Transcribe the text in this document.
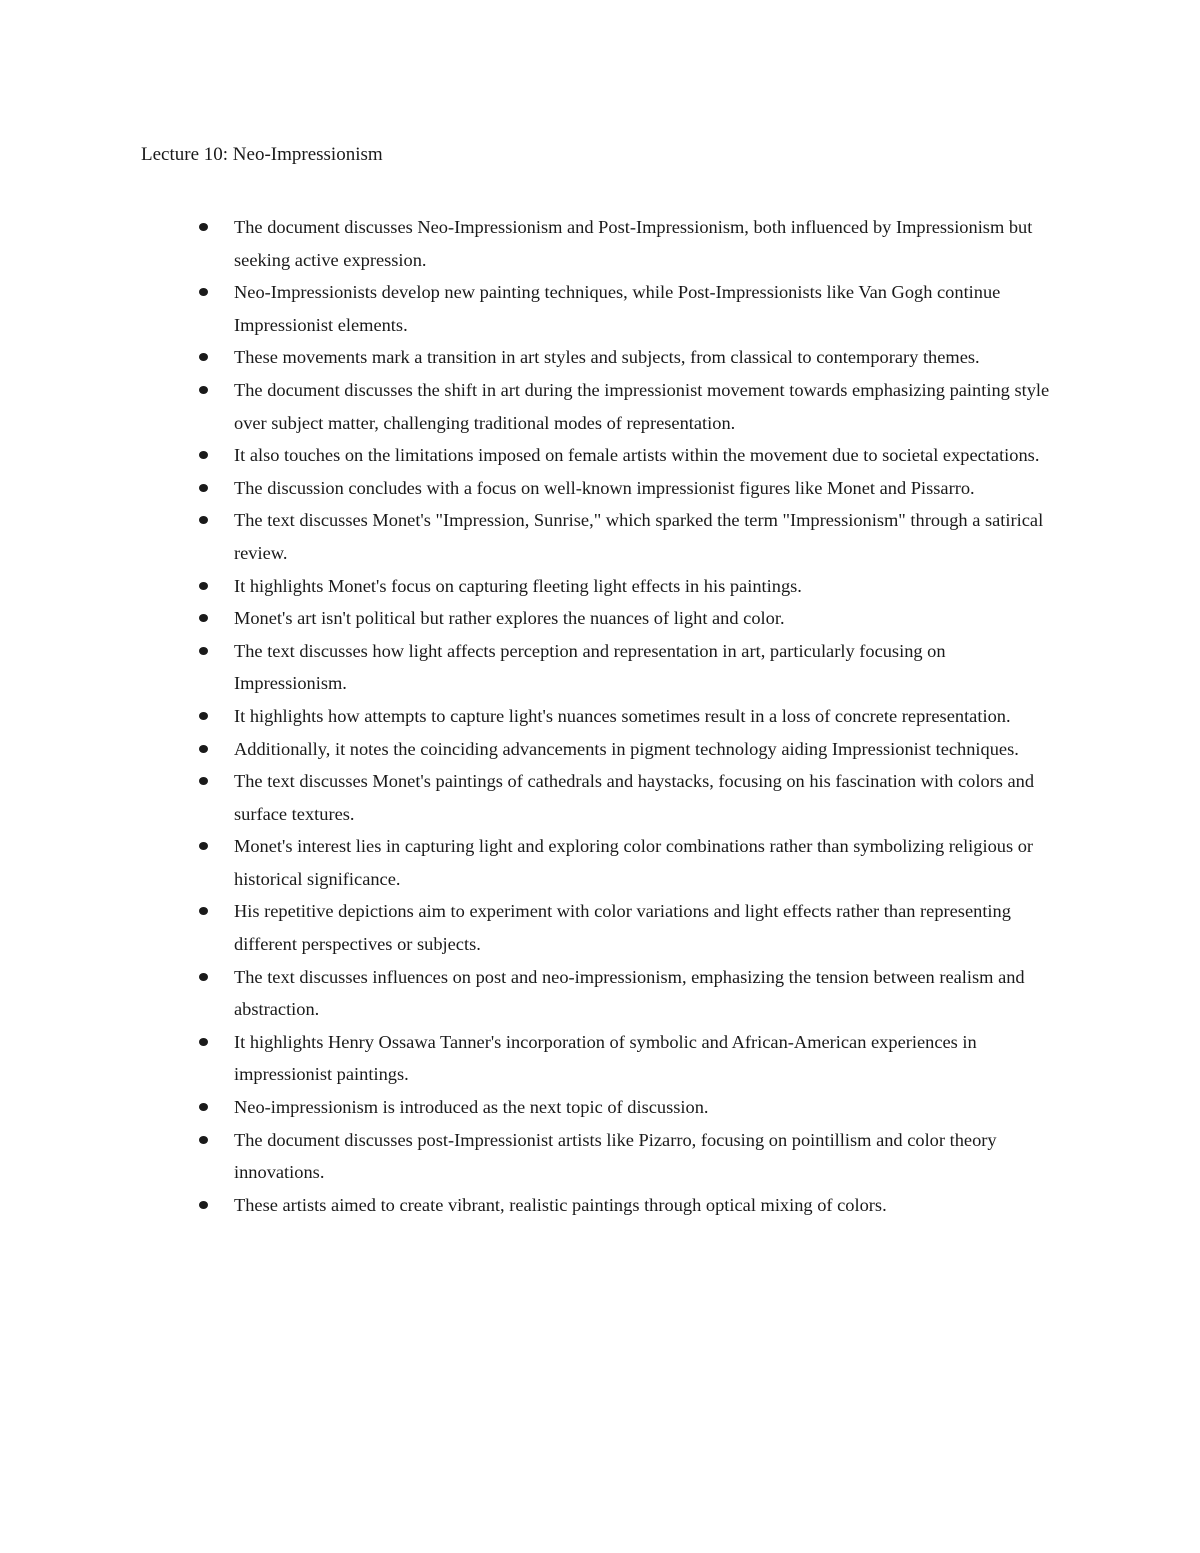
Lecture 10: Neo-Impressionism
The document discusses Neo-Impressionism and Post-Impressionism, both influenced by Impressionism but seeking active expression.
Neo-Impressionists develop new painting techniques, while Post-Impressionists like Van Gogh continue Impressionist elements.
These movements mark a transition in art styles and subjects, from classical to contemporary themes.
The document discusses the shift in art during the impressionist movement towards emphasizing painting style over subject matter, challenging traditional modes of representation.
It also touches on the limitations imposed on female artists within the movement due to societal expectations.
The discussion concludes with a focus on well-known impressionist figures like Monet and Pissarro.
The text discusses Monet's "Impression, Sunrise," which sparked the term "Impressionism" through a satirical review.
It highlights Monet's focus on capturing fleeting light effects in his paintings.
Monet's art isn't political but rather explores the nuances of light and color.
The text discusses how light affects perception and representation in art, particularly focusing on Impressionism.
It highlights how attempts to capture light's nuances sometimes result in a loss of concrete representation.
Additionally, it notes the coinciding advancements in pigment technology aiding Impressionist techniques.
The text discusses Monet's paintings of cathedrals and haystacks, focusing on his fascination with colors and surface textures.
Monet's interest lies in capturing light and exploring color combinations rather than symbolizing religious or historical significance.
His repetitive depictions aim to experiment with color variations and light effects rather than representing different perspectives or subjects.
The text discusses influences on post and neo-impressionism, emphasizing the tension between realism and abstraction.
It highlights Henry Ossawa Tanner's incorporation of symbolic and African-American experiences in impressionist paintings.
Neo-impressionism is introduced as the next topic of discussion.
The document discusses post-Impressionist artists like Pizarro, focusing on pointillism and color theory innovations.
These artists aimed to create vibrant, realistic paintings through optical mixing of colors.
